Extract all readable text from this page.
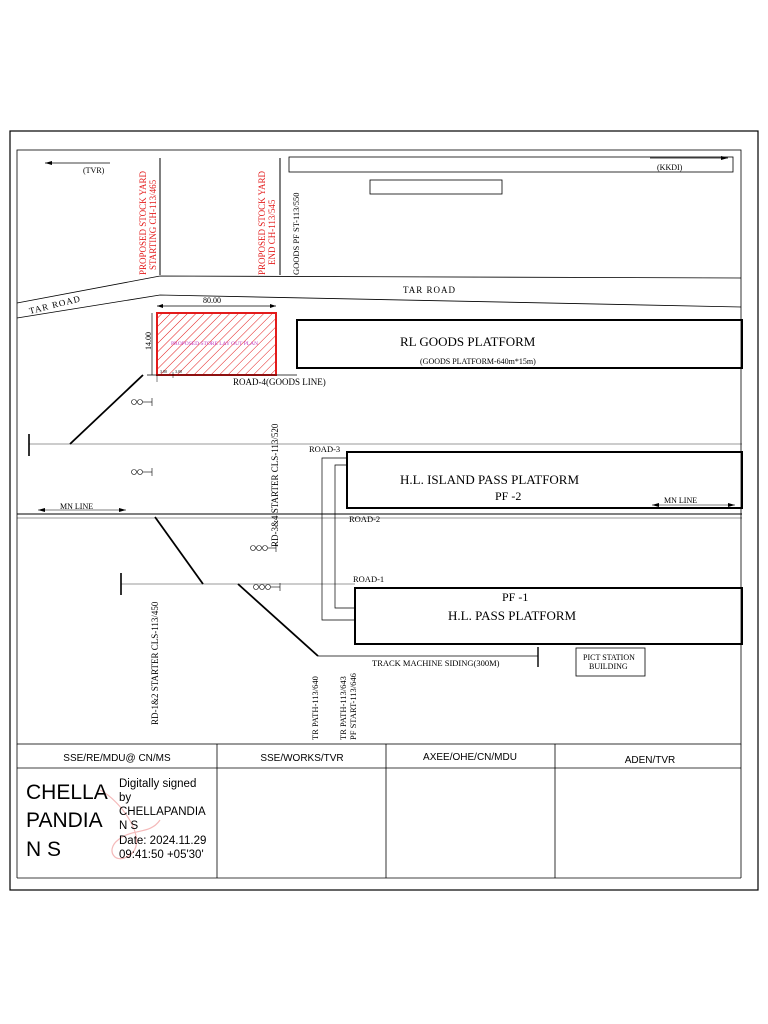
(TVR)	(KKDI)
PROPOSED STOCK YARD STARTING CH-113/465	PROPOSED STOCK YARD END CH-113/545 GOODS PF ST-113/550
TAR ROAD
TAR ROAD
80.00
14.00	PROPOSED STORE LAY OUT PLAN
3.00 3.00
RL GOODS PLATFORM
(GOODS PLATFORM-640m*15m)
ROAD-4(GOODS LINE)
MN LINE
MN LINE
ROAD-3
H.L. ISLAND PASS PLATFORM
PF -2
ROAD-2
ROAD-1
PF -1
H.L. PASS PLATFORM
TRACK MACHINE SIDING(300M)
PICT STATION
BUILDING
RD-3&4 STARTER CLS-113/520
RD-1&2 STARTER CLS-113/450	TR PATH-113/640 TR PATH-113/643 PF START-113/646
SSE/RE/MDU@ CN/MS	SSE/WORKS/TVR	AXEE/OHE/CN/MDU	ADEN/TVR
CHELLA
PANDIA
N S
Digitally signed
by
CHELLAPANDIA
N S
Date: 2024.11.29
09:41:50 +05'30'
